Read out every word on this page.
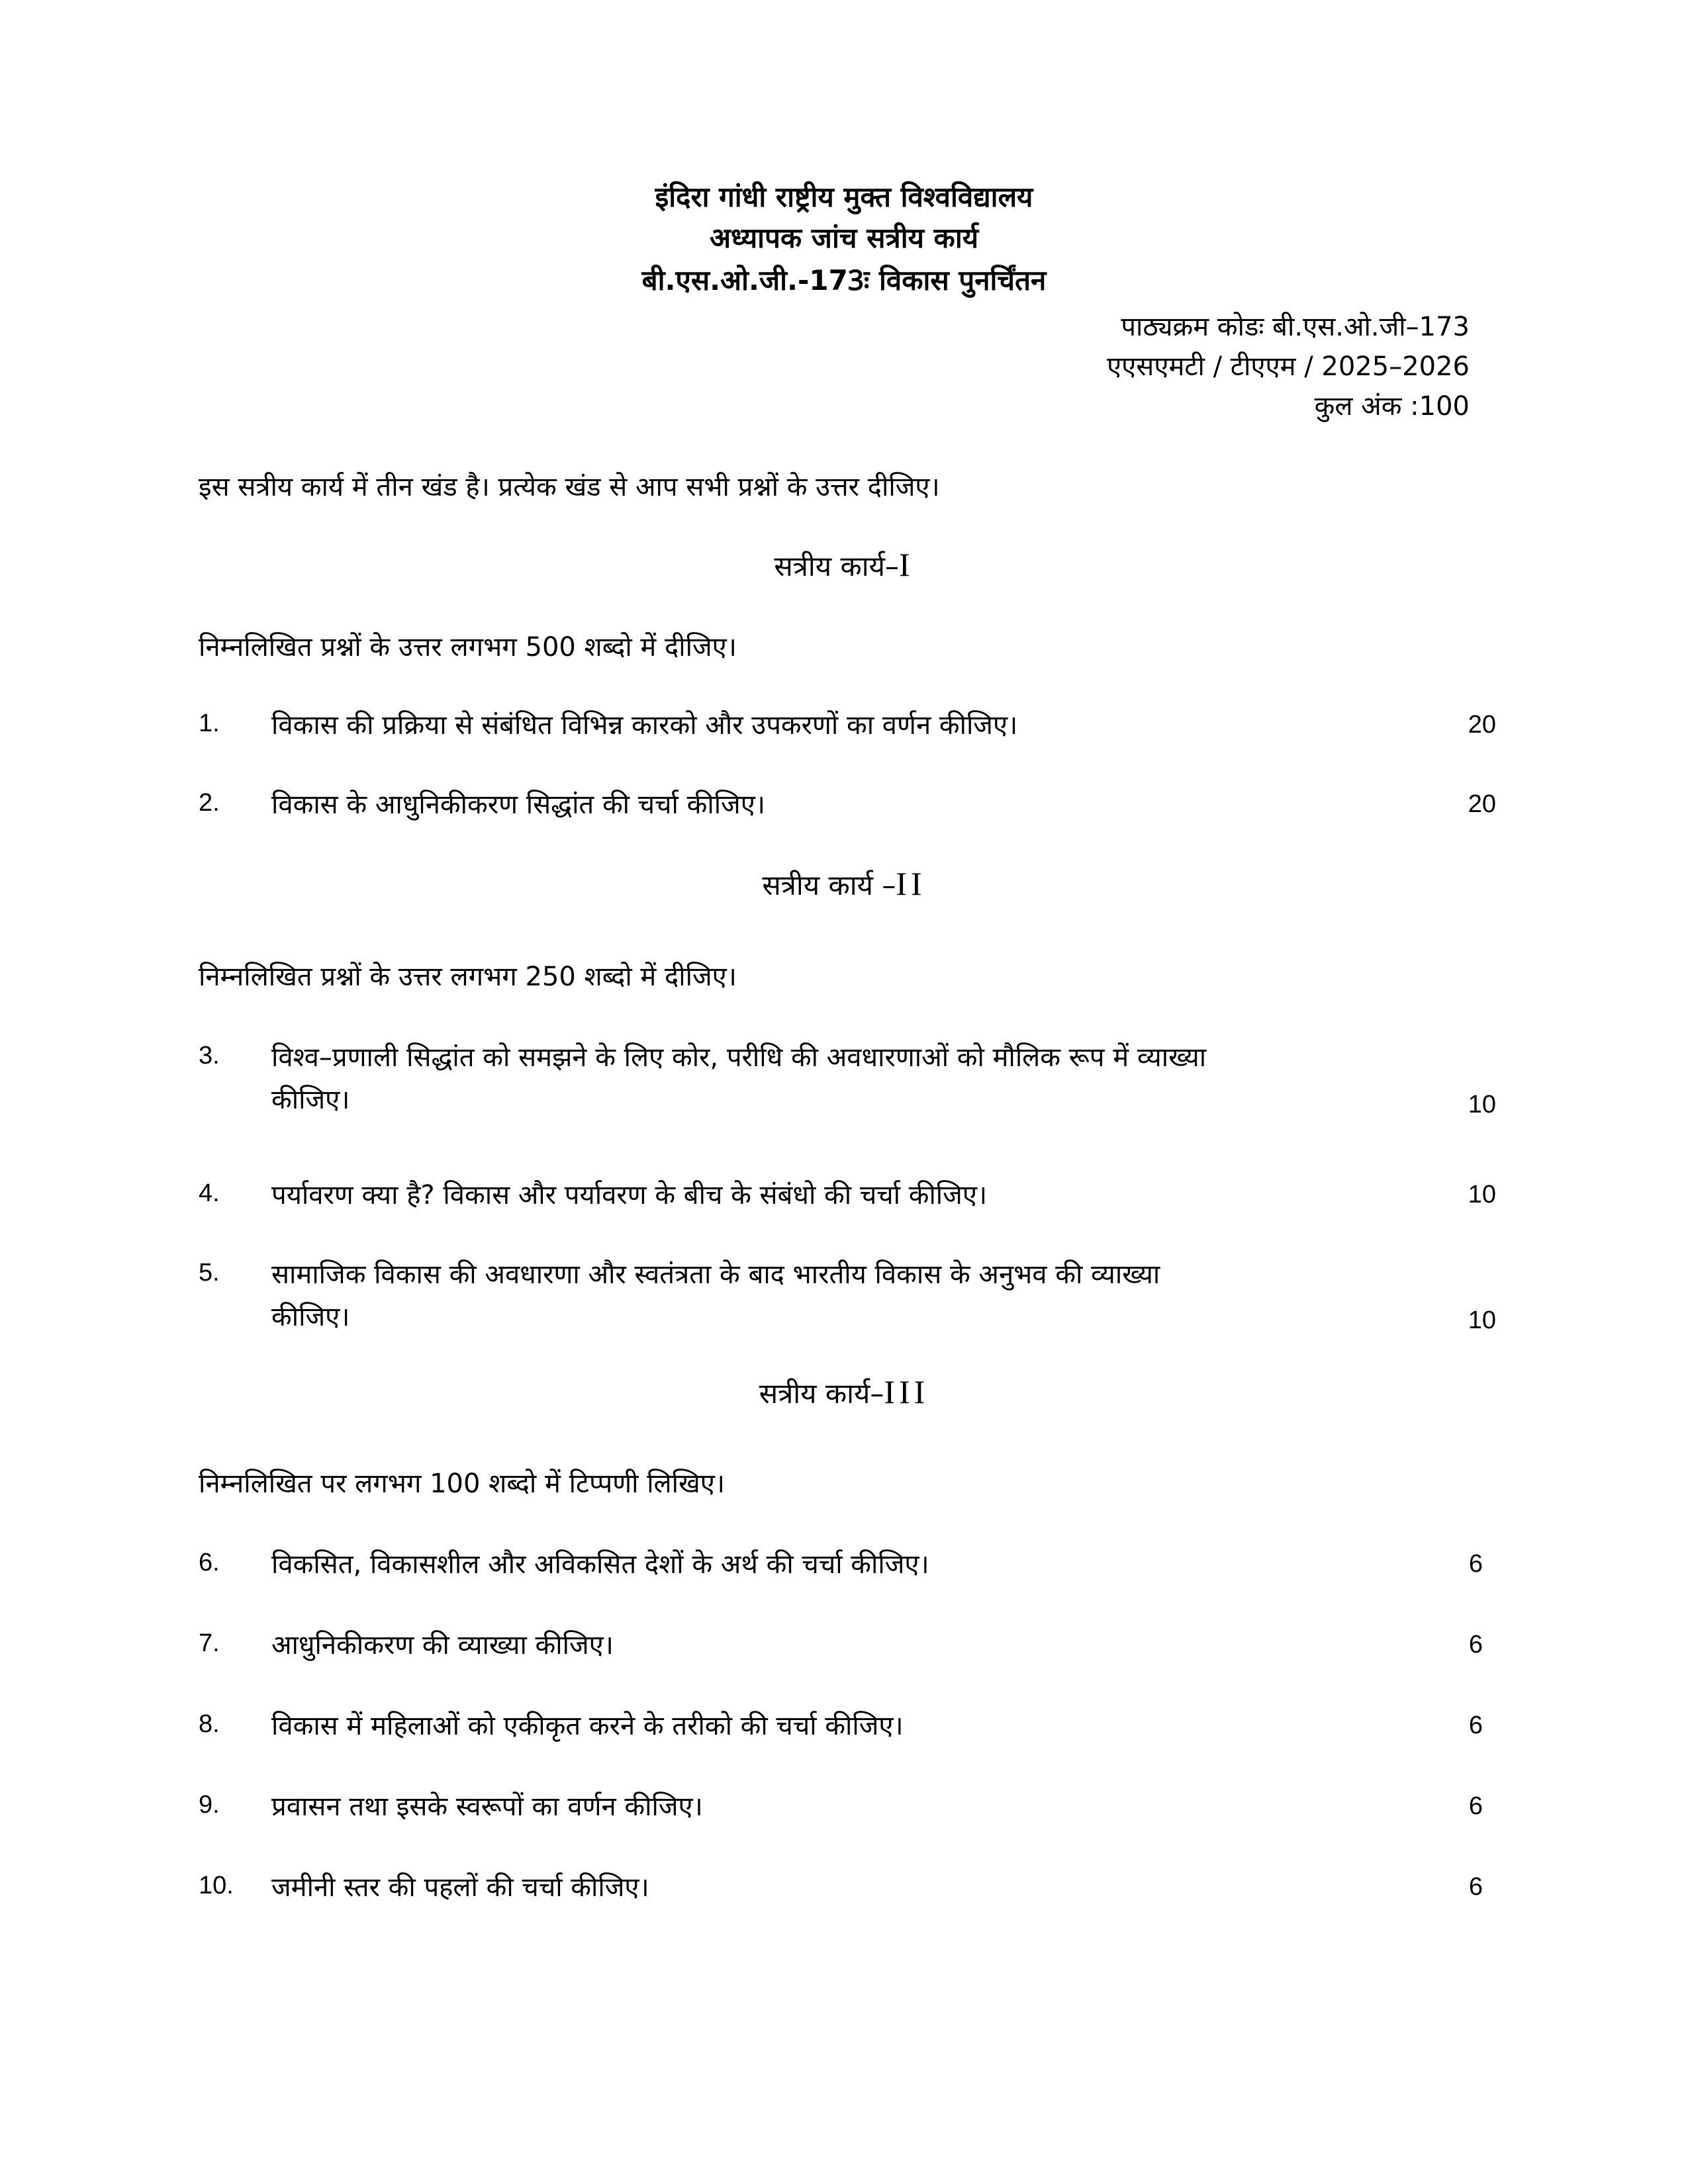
इंदिरा गांधी राष्ट्रीय मुक्त विश्वविद्यालय
अध्यापक जांच सत्रीय कार्य
बी.एस.ओ.जी.-173ः विकास पुनर्चिंतन
पाठ्यक्रम कोडः बी.एस.ओ.जी–173
एएसएमटी / टीएएम / 2025–2026
कुल अंक :100
इस सत्रीय कार्य में तीन खंड है। प्रत्येक खंड से आप सभी प्रश्नों के उत्तर दीजिए।
सत्रीय कार्य–I
निम्नलिखित प्रश्नों के उत्तर लगभग 500 शब्दो में दीजिए।
1. विकास की प्रक्रिया से संबंधित विभिन्न कारको और उपकरणों का वर्णन कीजिए।	20
2. विकास के आधुनिकीकरण सिद्धांत की चर्चा कीजिए।	20
सत्रीय कार्य –II
निम्नलिखित प्रश्नों के उत्तर लगभग 250 शब्दो में दीजिए।
3. विश्व–प्रणाली सिद्धांत को समझने के लिए कोर, परीधि की अवधारणाओं को मौलिक रूप में व्याख्या
कीजिए।	10
4. पर्यावरण क्या है? विकास और पर्यावरण के बीच के संबंधो की चर्चा कीजिए।	10
5. सामाजिक विकास की अवधारणा और स्वतंत्रता के बाद भारतीय विकास के अनुभव की व्याख्या
कीजिए।	10
सत्रीय कार्य–III
निम्नलिखित पर लगभग 100 शब्दो में टिप्पणी लिखिए।
6. विकसित, विकासशील और अविकसित देशों के अर्थ की चर्चा कीजिए।	6
7. आधुनिकीकरण की व्याख्या कीजिए।	6
8. विकास में महिलाओं को एकीकृत करने के तरीको की चर्चा कीजिए।	6
9. प्रवासन तथा इसके स्वरूपों का वर्णन कीजिए।	6
10. जमीनी स्तर की पहलों की चर्चा कीजिए।	6
